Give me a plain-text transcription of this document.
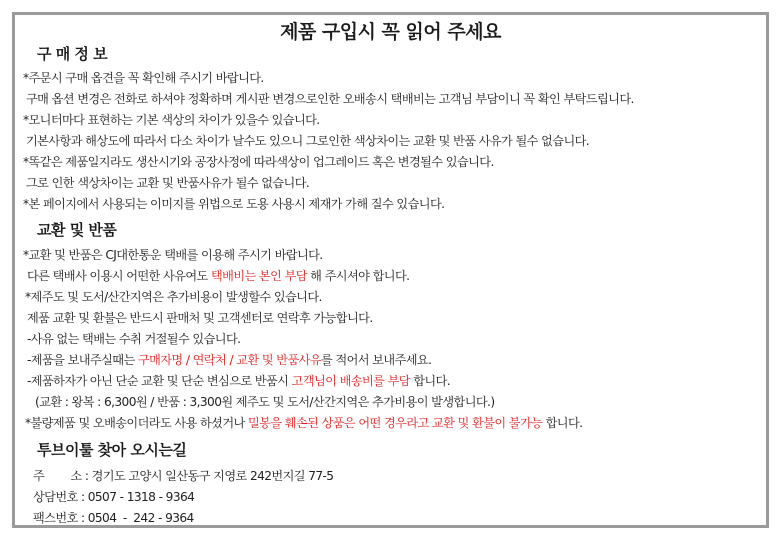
제품 구입시 꼭 읽어 주세요
구 매 정 보
*주문시 구매 옵견을 꼭 확인해 주시기 바랍니다.
구매 옵션 변경은 전화로 하셔야 정확하며 게시판 변경으로인한 오배송시 택배비는 고객님 부담이니 꼭 확인 부탁드립니다.
*모니터마다 표현하는 기본 색상의 차이가 있을수 있습니다.
기본사항과 해상도에 따라서 다소 차이가 날수도 있으니 그로인한 색상차이는 교환 및 반품 사유가 될수 없습니다.
*똑같은 제품일지라도 생산시기와 공장사정에 따라색상이 업그레이드 혹은 변경될수 있습니다.
그로 인한 색상차이는 교환 및 반품사유가 될수 없습니다.
*본 페이지에서 사용되는 이미지를 위법으로 도용 사용시 제재가 가해 질수 있습니다.
교환 및 반품
*교환 및 반품은 CJ대한통운 택배를 이용해 주시기 바랍니다.
다른 택배사 이용시 어떤한 사유여도 택배비는 본인 부담 해 주시셔야 합니다.
*제주도 및 도서/산간지역은 추가비용이 발생할수 있습니다.
제품 교환 및 환불은 반드시 판매처 및 고객센터로 연락후 가능합니다.
-사유 없는 택배는 수취 거절될수 있습니다.
-제품을 보내주실때는 구매자명 / 연락처 / 교환 및 반품사유를 적어서 보내주세요.
-제품하자가 아닌 단순 교환 및 단순 변심으로 반품시 고객님이 배송비를 부담 합니다.
(교환 : 왕복 : 6,300원 / 반품 : 3,300원 제주도 및 도서/산간지역은 추가비용이 발생합니다.)
*불량제품 및 오배송이더라도 사용 하셨거나 밀봉을 훼손된 상품은 어떤 경우라고 교환 및 환불이 불가능 합니다.
투브이툴 찾아 오시는길
주        소 : 경기도 고양시 일산동구 지영로 242번지길 77-5
상담번호 : 0507 - 1318 - 9364
팩스번호 : 0504  -  242 - 9364
